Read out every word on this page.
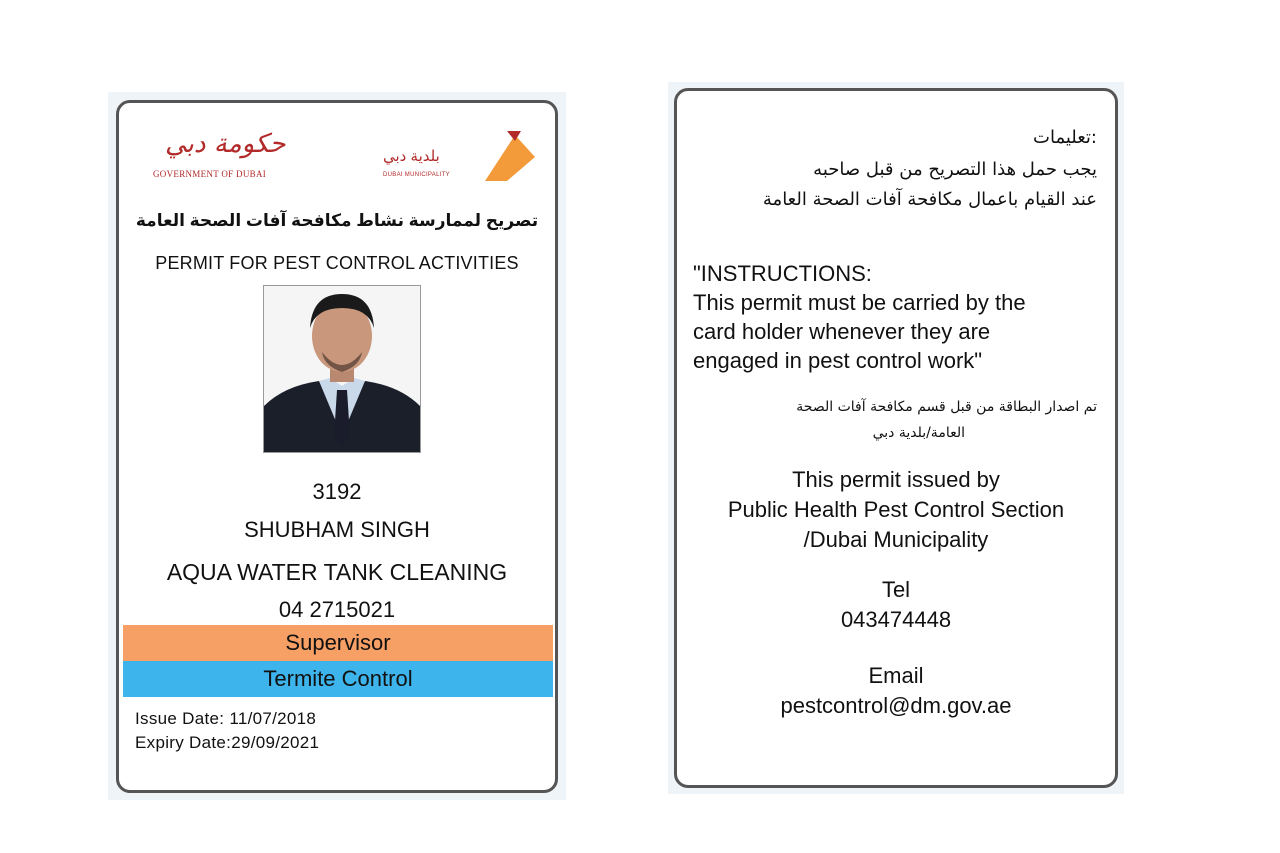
حكومة دبي
GOVERNMENT OF DUBAI
بلدية دبي
DUBAI MUNICIPALITY
تصريح لممارسة نشاط مكافحة آفات الصحة العامة
PERMIT FOR PEST CONTROL ACTIVITIES
3192
SHUBHAM SINGH
AQUA WATER TANK CLEANING
04 2715021
Supervisor
Termite Control
Issue Date: 11/07/2018
Expiry Date:29/09/2021
:تعليمات
يجب حمل هذا التصريح من قبل صاحبه
عند القيام باعمال مكافحة آفات الصحة العامة
"INSTRUCTIONS:
This permit must be carried by the
card holder whenever they are
engaged in pest control work"
تم اصدار البطاقة من قبل قسم مكافحة آفات الصحة
العامة/بلدية دبي
This permit issued by
Public Health Pest Control Section
/Dubai Municipality
Tel
043474448
Email
pestcontrol@dm.gov.ae
